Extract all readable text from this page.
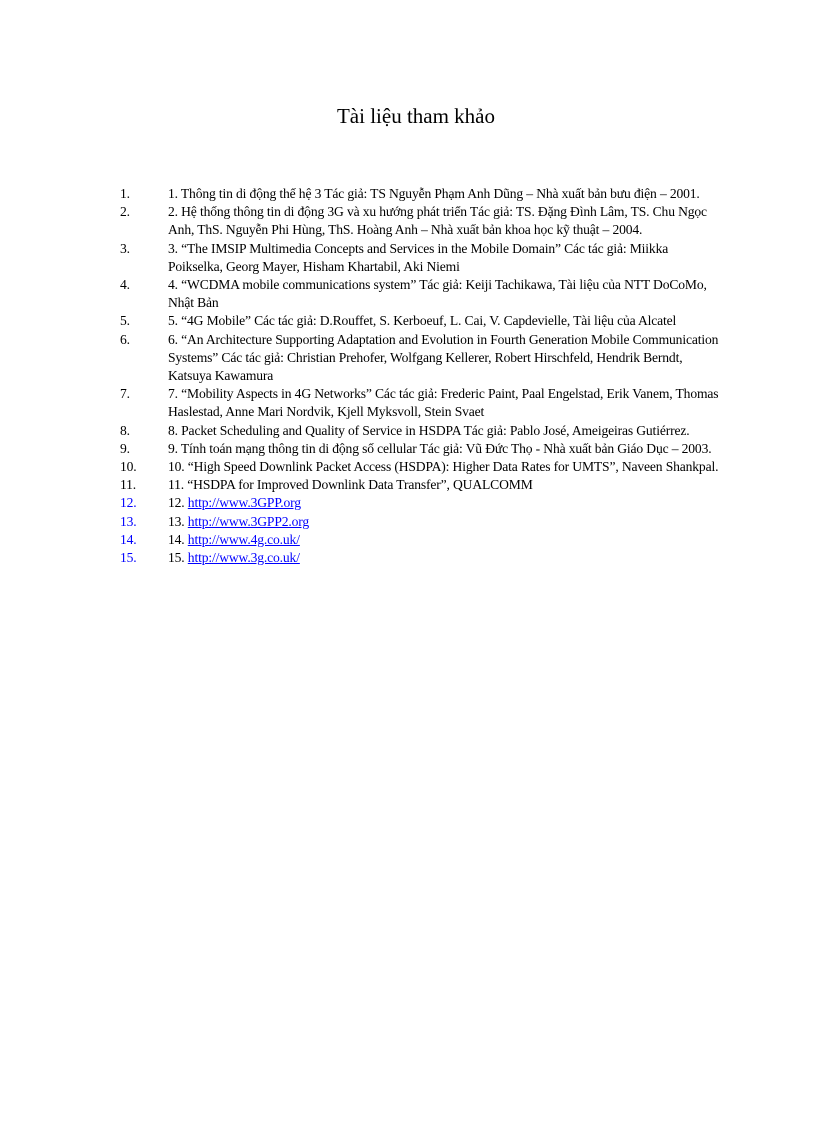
Tài liệu tham khảo
1.	1. Thông tin di động thế hệ 3 Tác giả: TS Nguyễn Phạm Anh Dũng – Nhà xuất bản bưu điện – 2001.
2.	2. Hệ thống thông tin di động 3G và xu hướng phát triển Tác giả: TS. Đặng Đình Lâm, TS. Chu Ngọc Anh, ThS. Nguyễn Phi Hùng, ThS. Hoàng Anh – Nhà xuất bản khoa học kỹ thuật – 2004.
3.	3. “The IMSIP Multimedia Concepts and Services in the Mobile Domain” Các tác giả: Miikka Poikselka, Georg Mayer, Hisham Khartabil, Aki Niemi
4.	4. “WCDMA mobile communications system” Tác giả: Keiji Tachikawa, Tài liệu của NTT DoCoMo, Nhật Bản
5.	5. “4G Mobile” Các tác giả: D.Rouffet, S. Kerboeuf, L. Cai, V. Capdevielle, Tài liệu của Alcatel
6.	6. “An Architecture Supporting Adaptation and Evolution in Fourth Generation Mobile Communication Systems” Các tác giả: Christian Prehofer, Wolfgang Kellerer, Robert Hirschfeld, Hendrik Berndt, Katsuya Kawamura
7.	7. “Mobility Aspects in 4G Networks” Các tác giả: Frederic Paint, Paal Engelstad, Erik Vanem, Thomas Haslestad, Anne Mari Nordvik, Kjell Myksvoll, Stein Svaet
8.	8. Packet Scheduling and Quality of Service in HSDPA Tác giả: Pablo José, Ameigeiras Gutiérrez.
9.	9. Tính toán mạng thông tin di động số cellular Tác giả: Vũ Đức Thọ - Nhà xuất bản Giáo Dục – 2003.
10. 10. “High Speed Downlink Packet Access (HSDPA): Higher Data Rates for UMTS”, Naveen Shankpal.
11. 11. “HSDPA for Improved Downlink Data Transfer”, QUALCOMM
12. 12. http://www.3GPP.org
13. 13. http://www.3GPP2.org
14. 14. http://www.4g.co.uk/
15. 15. http://www.3g.co.uk/
